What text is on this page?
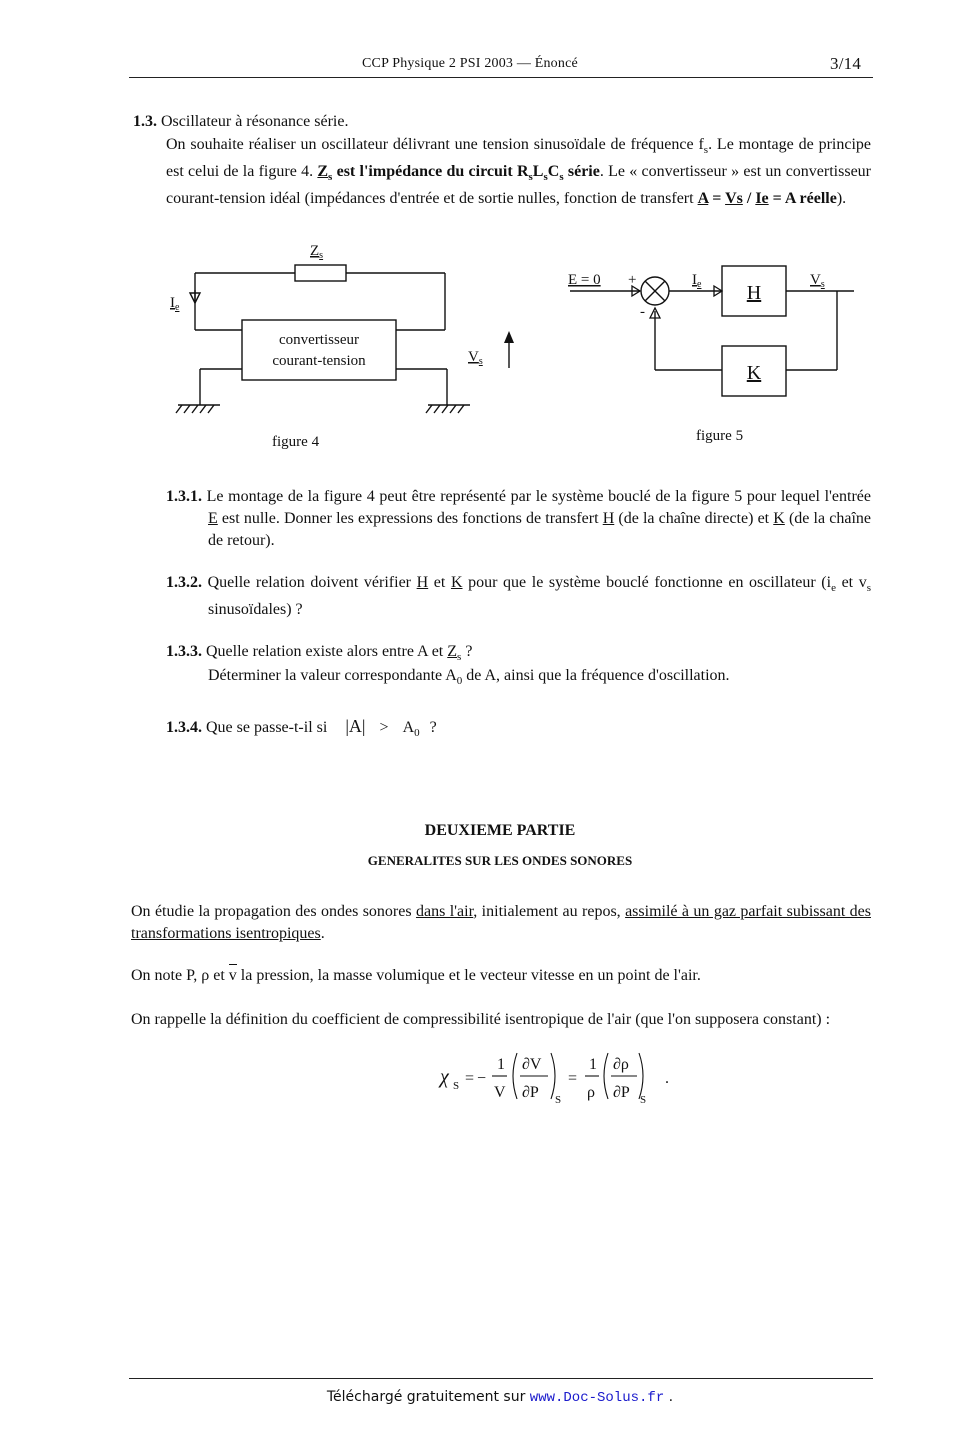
CCP Physique 2 PSI 2003 — Énoncé	3/14
1.3. Oscillateur à résonance série.
On souhaite réaliser un oscillateur délivrant une tension sinusoïdale de fréquence $f_s$. Le montage de principe est celui de la figure 4. $Z_s$ est l'impédance du circuit $R_sL_sC_s$ série. Le « convertisseur » est un convertisseur courant-tension idéal (impédances d'entrée et de sortie nulles, fonction de transfert A = Vs / Ie = A réelle).
$Z_s$
$I_e$
convertisseur
courant-tension	$V_s$
figure 4
E = 0 +
-
$I_e$ H
K
$V_s$
figure 5
1.3.1. Le montage de la figure 4 peut être représenté par le système bouclé de la figure 5 pour lequel l'entrée E est nulle. Donner les expressions des fonctions de transfert H (de la chaîne directe) et K (de la chaîne de retour).
1.3.2. Quelle relation doivent vérifier H et K pour que le système bouclé fonctionne en oscillateur ($i_e$ et $v_s$ sinusoïdales) ?
1.3.3. Quelle relation existe alors entre A et $Z_s$ ?
Déterminer la valeur correspondante $A_0$ de A, ainsi que la fréquence d'oscillation.
1.3.4. Que se passe-t-il si $|A| > A_0$ ?
DEUXIEME PARTIE
GENERALITES SUR LES ONDES SONORES
On étudie la propagation des ondes sonores dans l'air, initialement au repos, assimilé à un gaz parfait subissant des transformations isentropiques.
On note P, ρ et v
la pression, la masse volumique et le vecteur vitesse en un point de l'air.
On rappelle la définition du coefficient de compressibilité isentropique de l'air (que l'on supposera constant) :
χ S = −
1
V
∂V
∂P S
=
1
ρ
∂ρ
∂P S
.
Téléchargé gratuitement sur www.Doc-Solus.fr .
